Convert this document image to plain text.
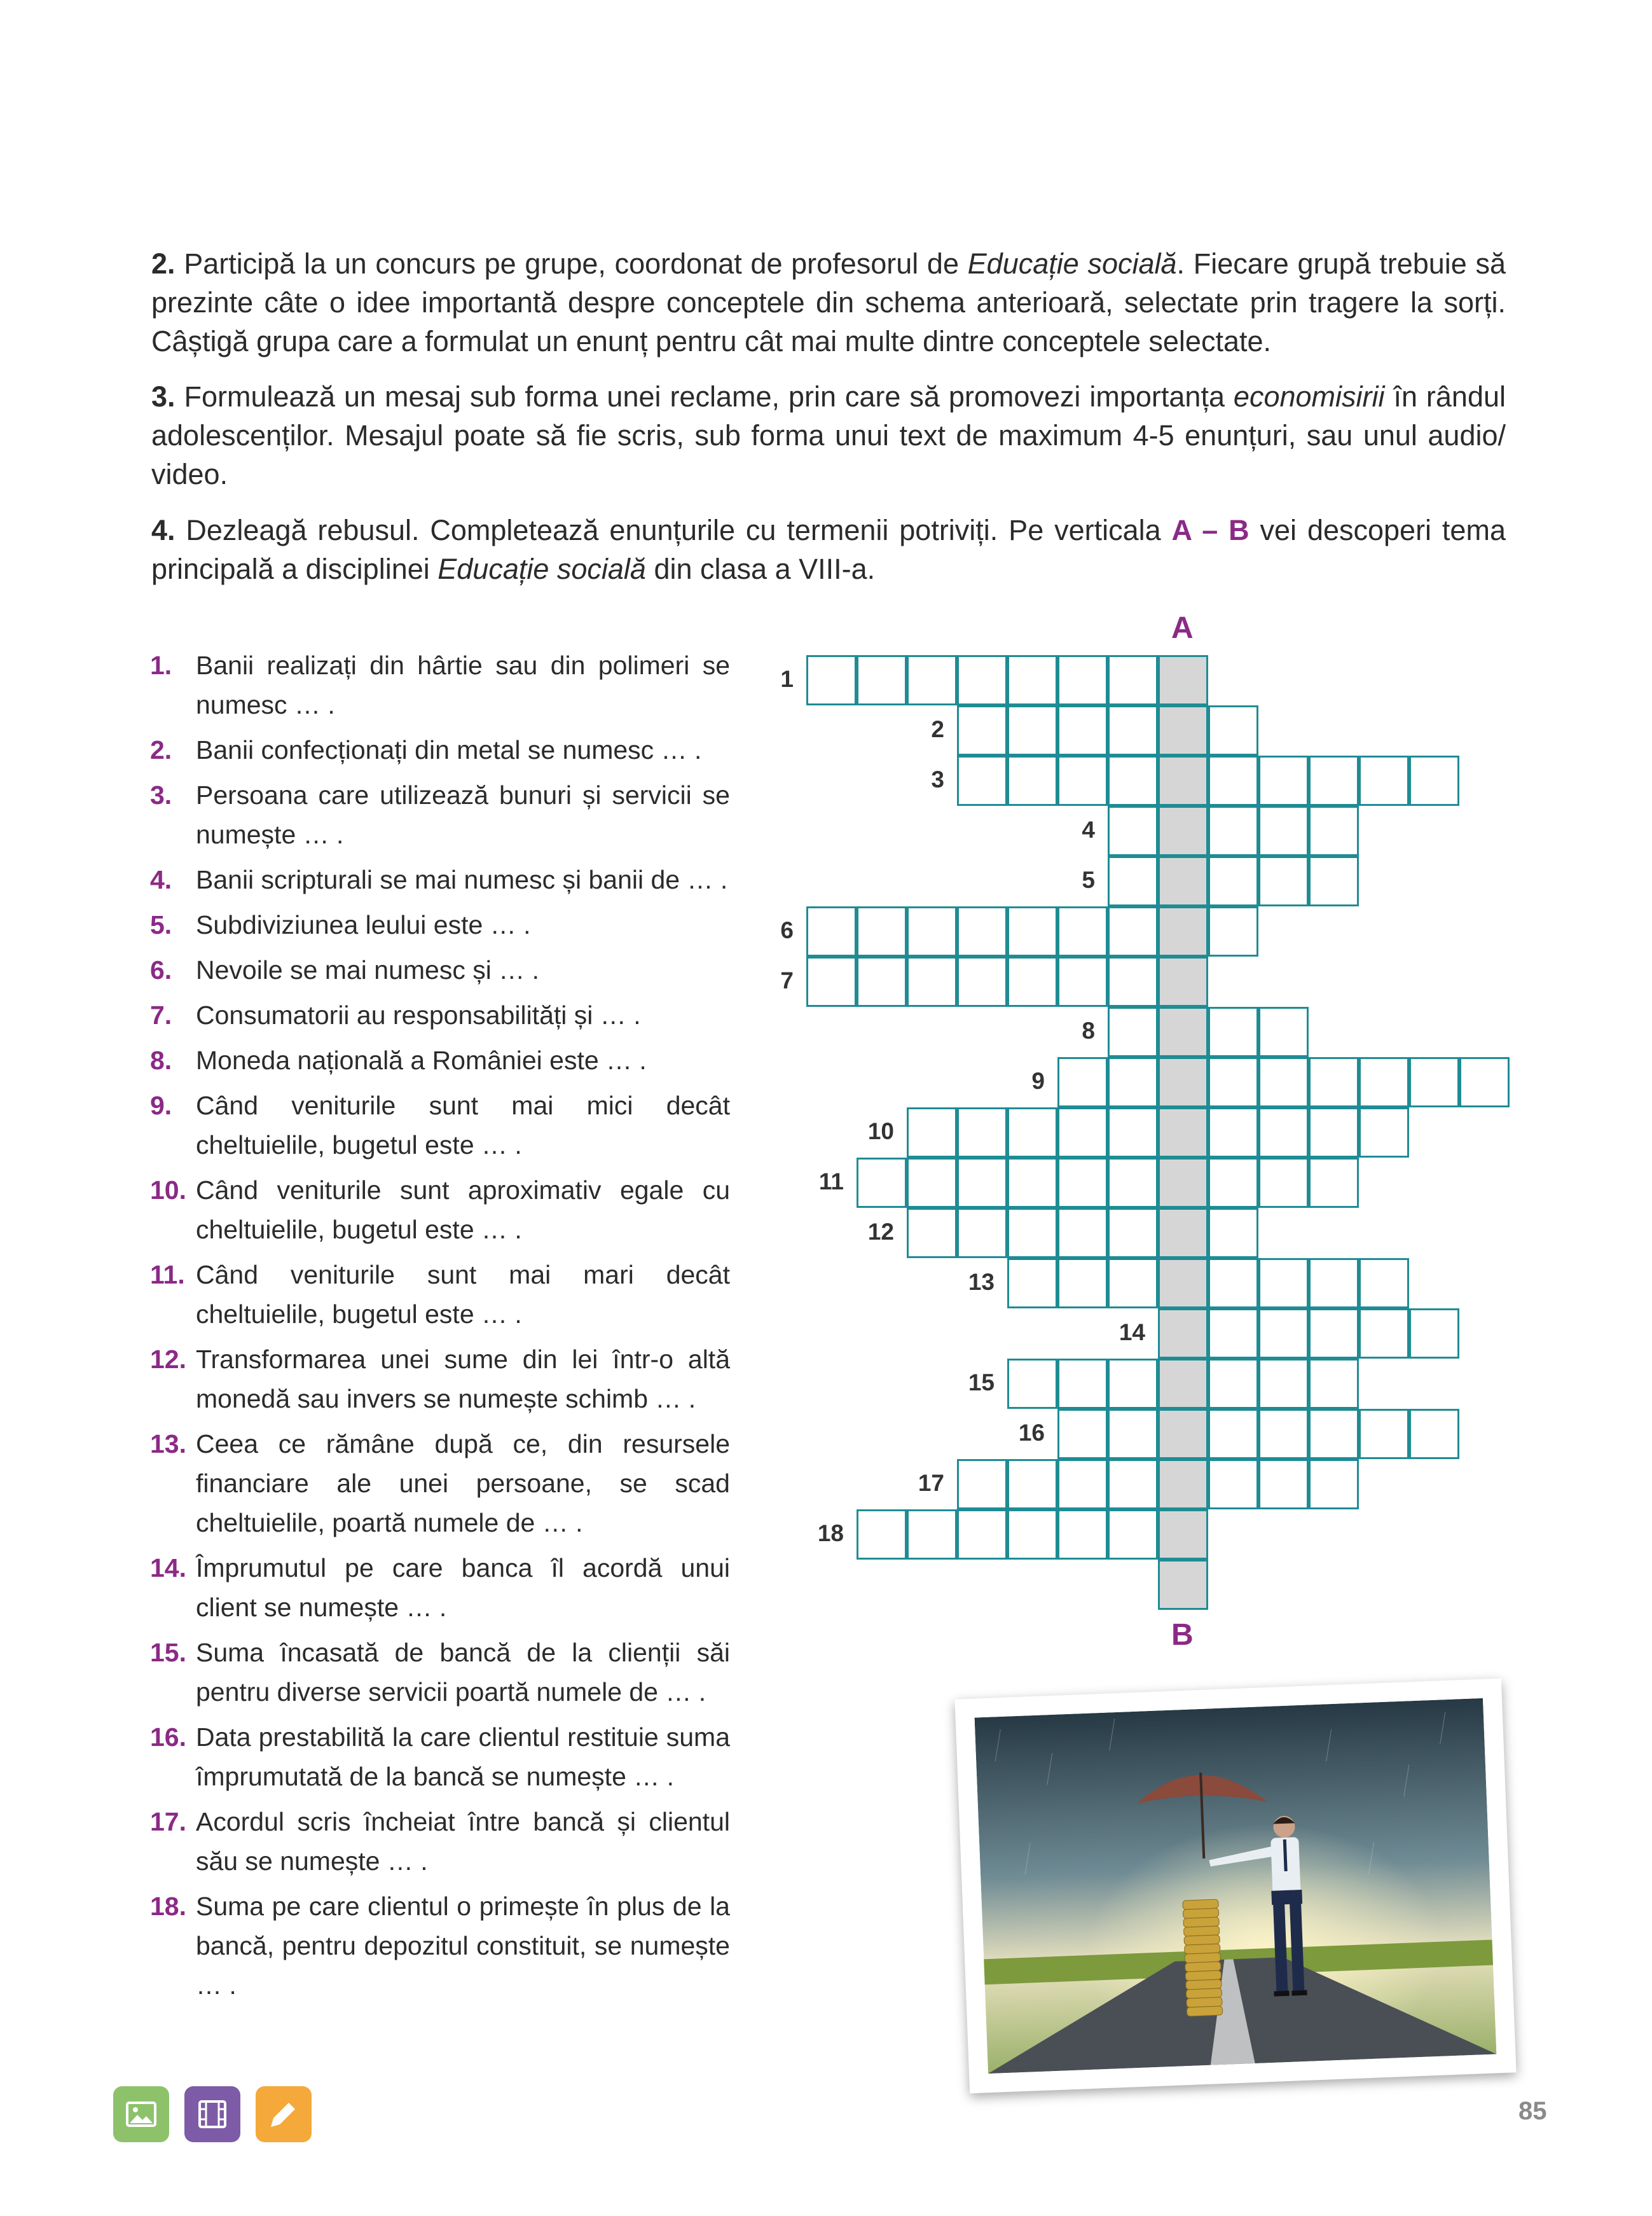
2. Participă la un concurs pe grupe, coordonat de profesorul de Educație socială. Fiecare grupă trebuie să prezinte câte o idee importantă despre conceptele din schema anterioară, selectate prin tragere la sorți. Câștigă grupa care a formulat un enunț pentru cât mai multe dintre conceptele selectate.

3. Formulează un mesaj sub forma unei reclame, prin care să promovezi importanța economisirii în rândul adolescenților. Mesajul poate să fie scris, sub forma unui text de maximum 4-5 enunțuri, sau unul audio/ video.

4. Dezleagă rebusul. Completează enunțurile cu termenii potriviți. Pe verticala A – B vei descoperi tema principală a disciplinei Educație socială din clasa a VIII-a.

1. Banii realizați din hârtie sau din polimeri se numesc … .
2. Banii confecționați din metal se numesc … .
3. Persoana care utilizează bunuri și servicii se numește … .
4. Banii scripturali se mai numesc și banii de … .
5. Subdiviziunea leului este … .
6. Nevoile se mai numesc și … .
7. Consumatorii au responsabilități și … .
8. Moneda națională a României este … .
9. Când veniturile sunt mai mici decât cheltuielile, bugetul este … .
10. Când veniturile sunt aproximativ egale cu cheltuielile, bugetul este … .
11. Când veniturile sunt mai mari decât cheltuielile, bugetul este … .
12. Transformarea unei sume din lei într-o altă monedă sau invers se numește schimb … .
13. Ceea ce rămâne după ce, din resursele financiare ale unei persoane, se scad cheltuielile, poartă numele de … .
14. Împrumutul pe care banca îl acordă unui client se numește … .
15. Suma încasată de bancă de la clienții săi pentru diverse servicii poartă numele de … .
16. Data prestabilită la care clientul restituie suma împrumutată de la bancă se numește … .
17. Acordul scris încheiat între bancă și clientul său se numește … .
18. Suma pe care clientul o primește în plus de la bancă, pentru depozitul constituit, se numește … .
1
2
3
4
5
6
7
8
9
10
11
12
13
14
15
16
17
18
A
B
85
